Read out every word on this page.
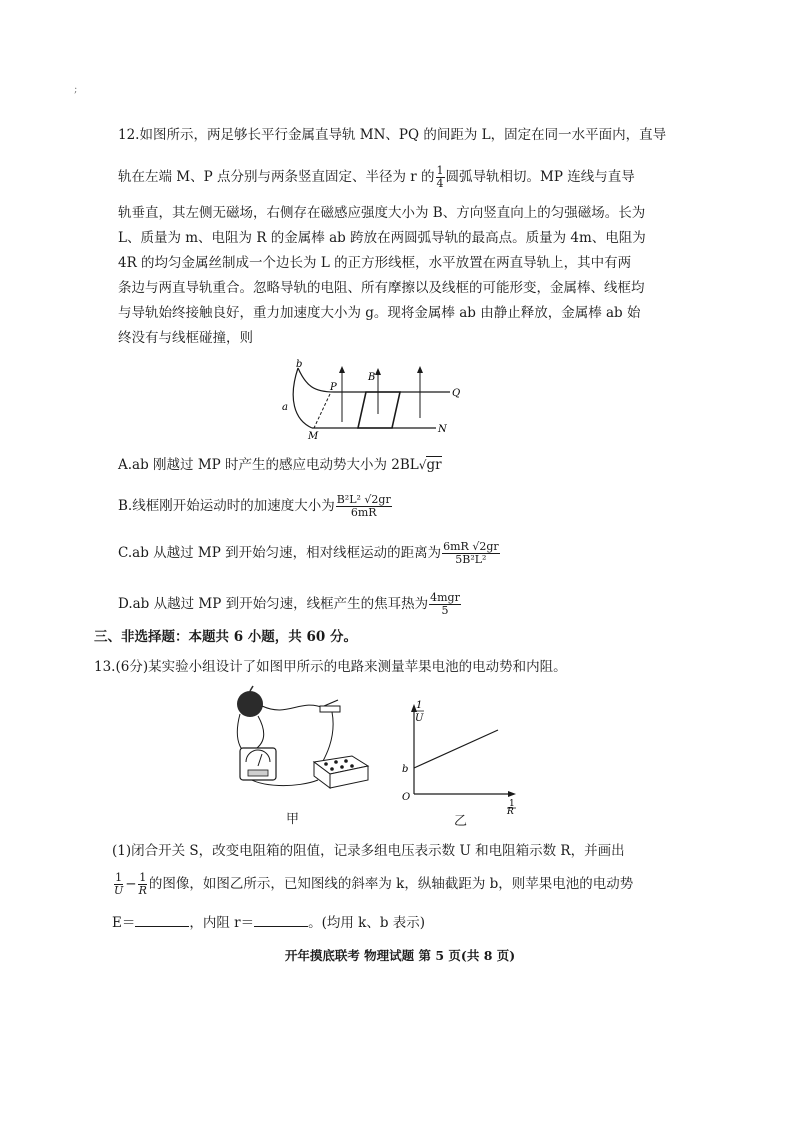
;
12.如图所示，两足够长平行金属直导轨 MN、PQ 的间距为 L，固定在同一水平面内，直导
轨在左端 M、P 点分别与两条竖直固定、半径为 r 的 $\frac{1}{4}$ 圆弧导轨相切。MP 连线与直导
轨垂直，其左侧无磁场，右侧存在磁感应强度大小为 B、方向竖直向上的匀强磁场。长为
L、质量为 m、电阻为 R 的金属棒 ab 跨放在两圆弧导轨的最高点。质量为 4m、电阻为
4R 的均匀金属丝制成一个边长为 L 的正方形线框，水平放置在两直导轨上，其中有两
条边与两直导轨重合。忽略导轨的电阻、所有摩擦以及线框的可能形变，金属棒、线框均
与导轨始终接触良好，重力加速度大小为 g。现将金属棒 ab 由静止释放，金属棒 ab 始
终没有与线框碰撞，则
b
a
P
M
B
Q
N
A.ab 刚越过 MP 时产生的感应电动势大小为 2BL√gr
B.线框刚开始运动时的加速度大小为 $\frac{\text{B²L² √2gr}}{6mR}$
C.ab 从越过 MP 到开始匀速，相对线框运动的距离为 $\frac{6mR √2gr}{\text{5B²L²}}$
D.ab 从越过 MP 到开始匀速，线框产生的焦耳热为 $\frac{\text{4mgr}}{5}$
三、非选择题：本题共 6 小题，共 60 分。
13.(6分)某实验小组设计了如图甲所示的电路来测量苹果电池的电动势和内阻。
甲
1
U
b
O
1
R
乙
(1)闭合开关 S，改变电阻箱的阻值，记录多组电压表示数 U 和电阻箱示数 R，并画出
$\frac{1}{U} - \frac{1}{R}$ 的图像，如图乙所示，已知图线的斜率为 k，纵轴截距为 b，则苹果电池的电动势
E＝	，内阻 r＝	。(均用 k、b 表示)
开年摸底联考 物理试题 第 5 页(共 8 页)
